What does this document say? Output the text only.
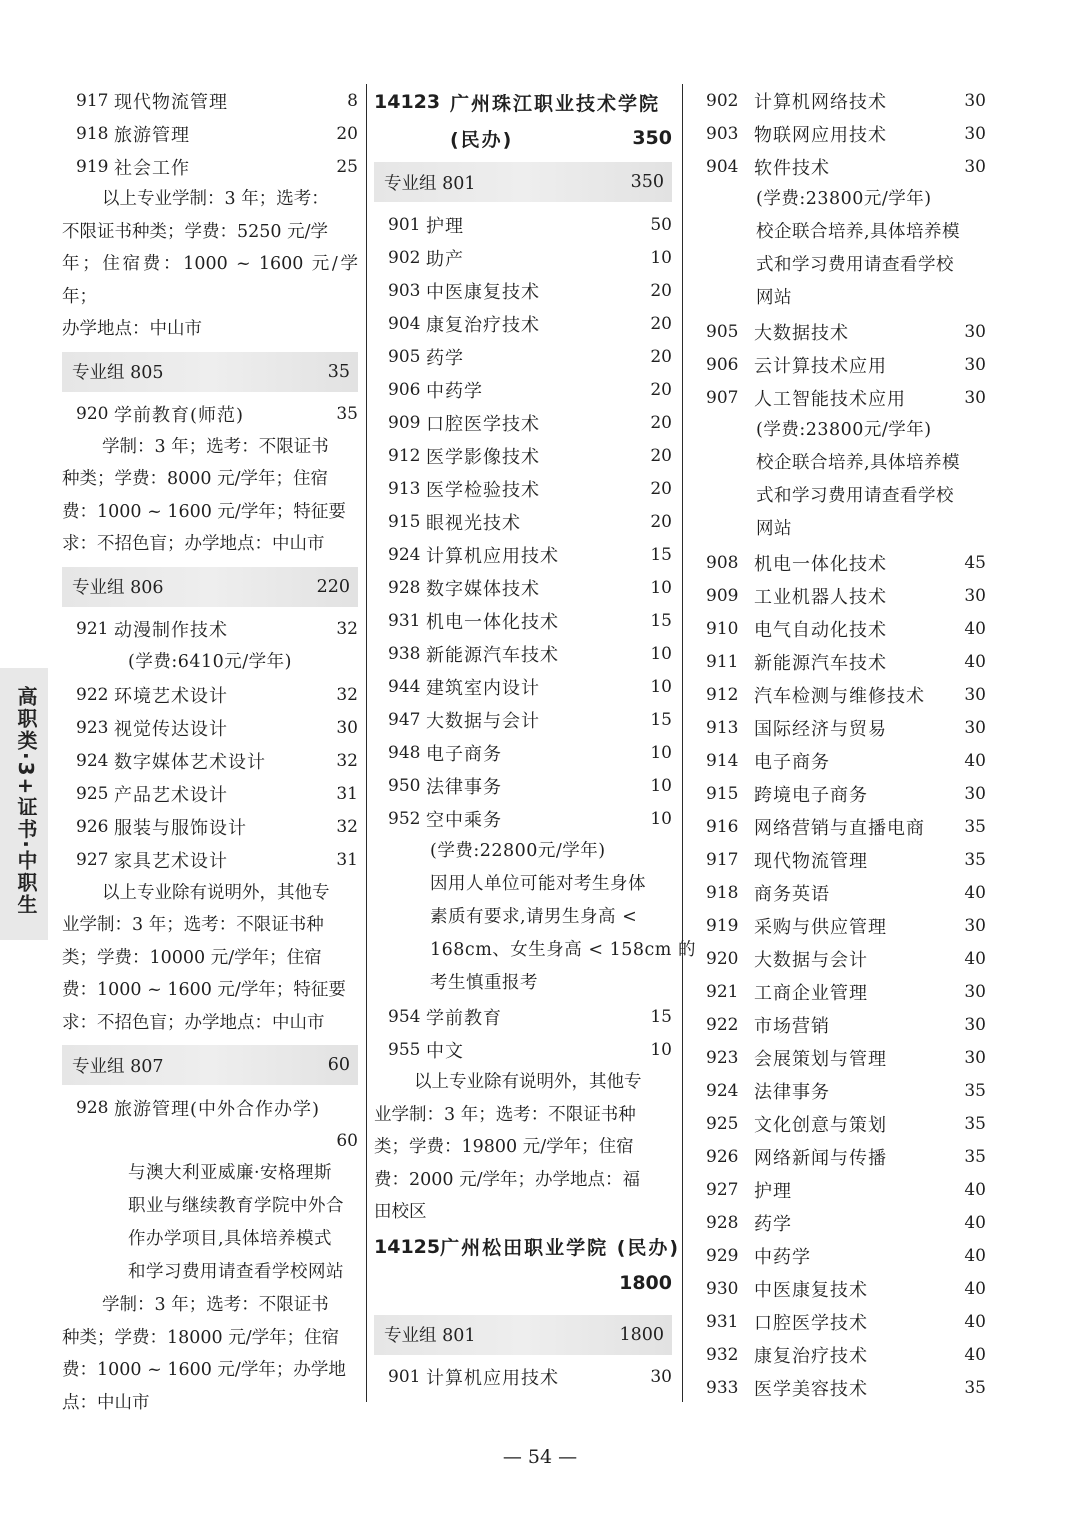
917 现代物流管理	8
918 旅游管理	20
919 社会工作	25
以上专业学制：3 年；选考：
不限证书种类；学费：5250 元/学
年；住宿费：1000 ~ 1600 元/学年；
办学地点：中山市
专业组 805	35
920 学前教育(师范)	35
学制：3 年；选考：不限证书
种类；学费：8000 元/学年；住宿
费：1000 ~ 1600 元/学年；特征要
求：不招色盲；办学地点：中山市
专业组 806	220
921 动漫制作技术	32
(学费:6410元/学年)
922 环境艺术设计	32
923 视觉传达设计	30
924 数字媒体艺术设计	32
925 产品艺术设计	31
926 服装与服饰设计	32
927 家具艺术设计	31
以上专业除有说明外，其他专
业学制：3 年；选考：不限证书种
类；学费：10000 元/学年；住宿
费：1000 ~ 1600 元/学年；特征要
求：不招色盲；办学地点：中山市
专业组 807	60
928 旅游管理(中外合作办学)
60
与澳大利亚威廉·安格理斯
职业与继续教育学院中外合
作办学项目,具体培养模式
和学习费用请查看学校网站
学制：3 年；选考：不限证书
种类；学费：18000 元/学年；住宿
费：1000 ~ 1600 元/学年；办学地
点：中山市
14123 广州珠江职业技术学院
(民办)	350
专业组 801	350
901 护理	50
902 助产	10
903 中医康复技术	20
904 康复治疗技术	20
905 药学	20
906 中药学	20
909 口腔医学技术	20
912 医学影像技术	20
913 医学检验技术	20
915 眼视光技术	20
924 计算机应用技术	15
928 数字媒体技术	10
931 机电一体化技术	15
938 新能源汽车技术	10
944 建筑室内设计	10
947 大数据与会计	15
948 电子商务	10
950 法律事务	10
952 空中乘务	10
(学费:22800元/学年)
因用人单位可能对考生身体
素质有要求,请男生身高 <
168cm、女生身高 < 158cm 的
考生慎重报考
954 学前教育	15
955 中文	10
以上专业除有说明外，其他专
业学制：3 年；选考：不限证书种
类；学费：19800 元/学年；住宿
费：2000 元/学年；办学地点：福
田校区
14125 广州松田职业学院 (民办)
1800
专业组 801	1800
901 计算机应用技术	30
902 计算机网络技术	30
903 物联网应用技术	30
904 软件技术	30
(学费:23800元/学年)
校企联合培养,具体培养模
式和学习费用请查看学校
网站
905 大数据技术	30
906 云计算技术应用	30
907 人工智能技术应用	30
(学费:23800元/学年)
校企联合培养,具体培养模
式和学习费用请查看学校
网站
908 机电一体化技术	45
909 工业机器人技术	30
910 电气自动化技术	40
911 新能源汽车技术	40
912 汽车检测与维修技术	30
913 国际经济与贸易	30
914 电子商务	40
915 跨境电子商务	30
916 网络营销与直播电商	35
917 现代物流管理	35
918 商务英语	40
919 采购与供应管理	30
920 大数据与会计	40
921 工商企业管理	30
922 市场营销	30
923 会展策划与管理	30
924 法律事务	35
925 文化创意与策划	35
926 网络新闻与传播	35
927 护理	40
928 药学	40
929 中药学	40
930 中医康复技术	40
931 口腔医学技术	40
932 康复治疗技术	40
933 医学美容技术	35
高职类·3+证书·中职生
— 54 —
